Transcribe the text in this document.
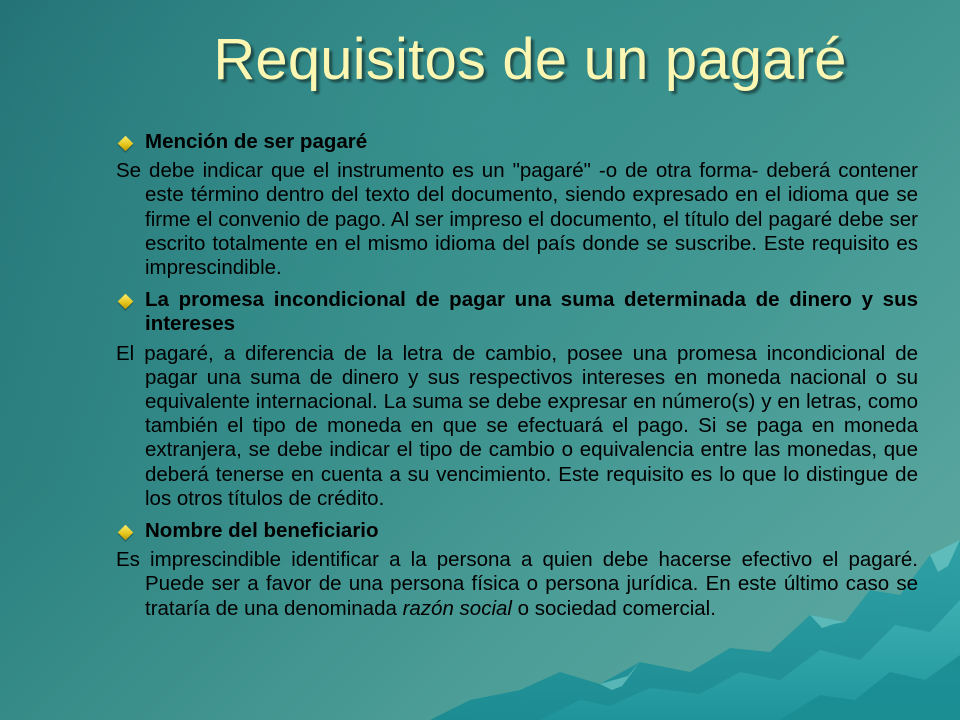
Requisitos de un pagaré
Mención de ser pagaré

Se debe indicar que el instrumento es un "pagaré" -o de otra forma- deberá contener este término dentro del texto del documento, siendo expresado en el idioma que se firme el convenio de pago. Al ser impreso el documento, el título del pagaré debe ser escrito totalmente en el mismo idioma del país donde se suscribe. Este requisito es imprescindible.

La promesa incondicional de pagar una suma determinada de dinero y sus intereses

El pagaré, a diferencia de la letra de cambio, posee una promesa incondicional de pagar una suma de dinero y sus respectivos intereses en moneda nacional o su equivalente internacional. La suma se debe expresar en número(s) y en letras, como también el tipo de moneda en que se efectuará el pago. Si se paga en moneda extranjera, se debe indicar el tipo de cambio o equivalencia entre las monedas, que deberá tenerse en cuenta a su vencimiento. Este requisito es lo que lo distingue de los otros títulos de crédito.

Nombre del beneficiario

Es imprescindible identificar a la persona a quien debe hacerse efectivo el pagaré. Puede ser a favor de una persona física o persona jurídica. En este último caso se trataría de una denominada razón social o sociedad comercial.
